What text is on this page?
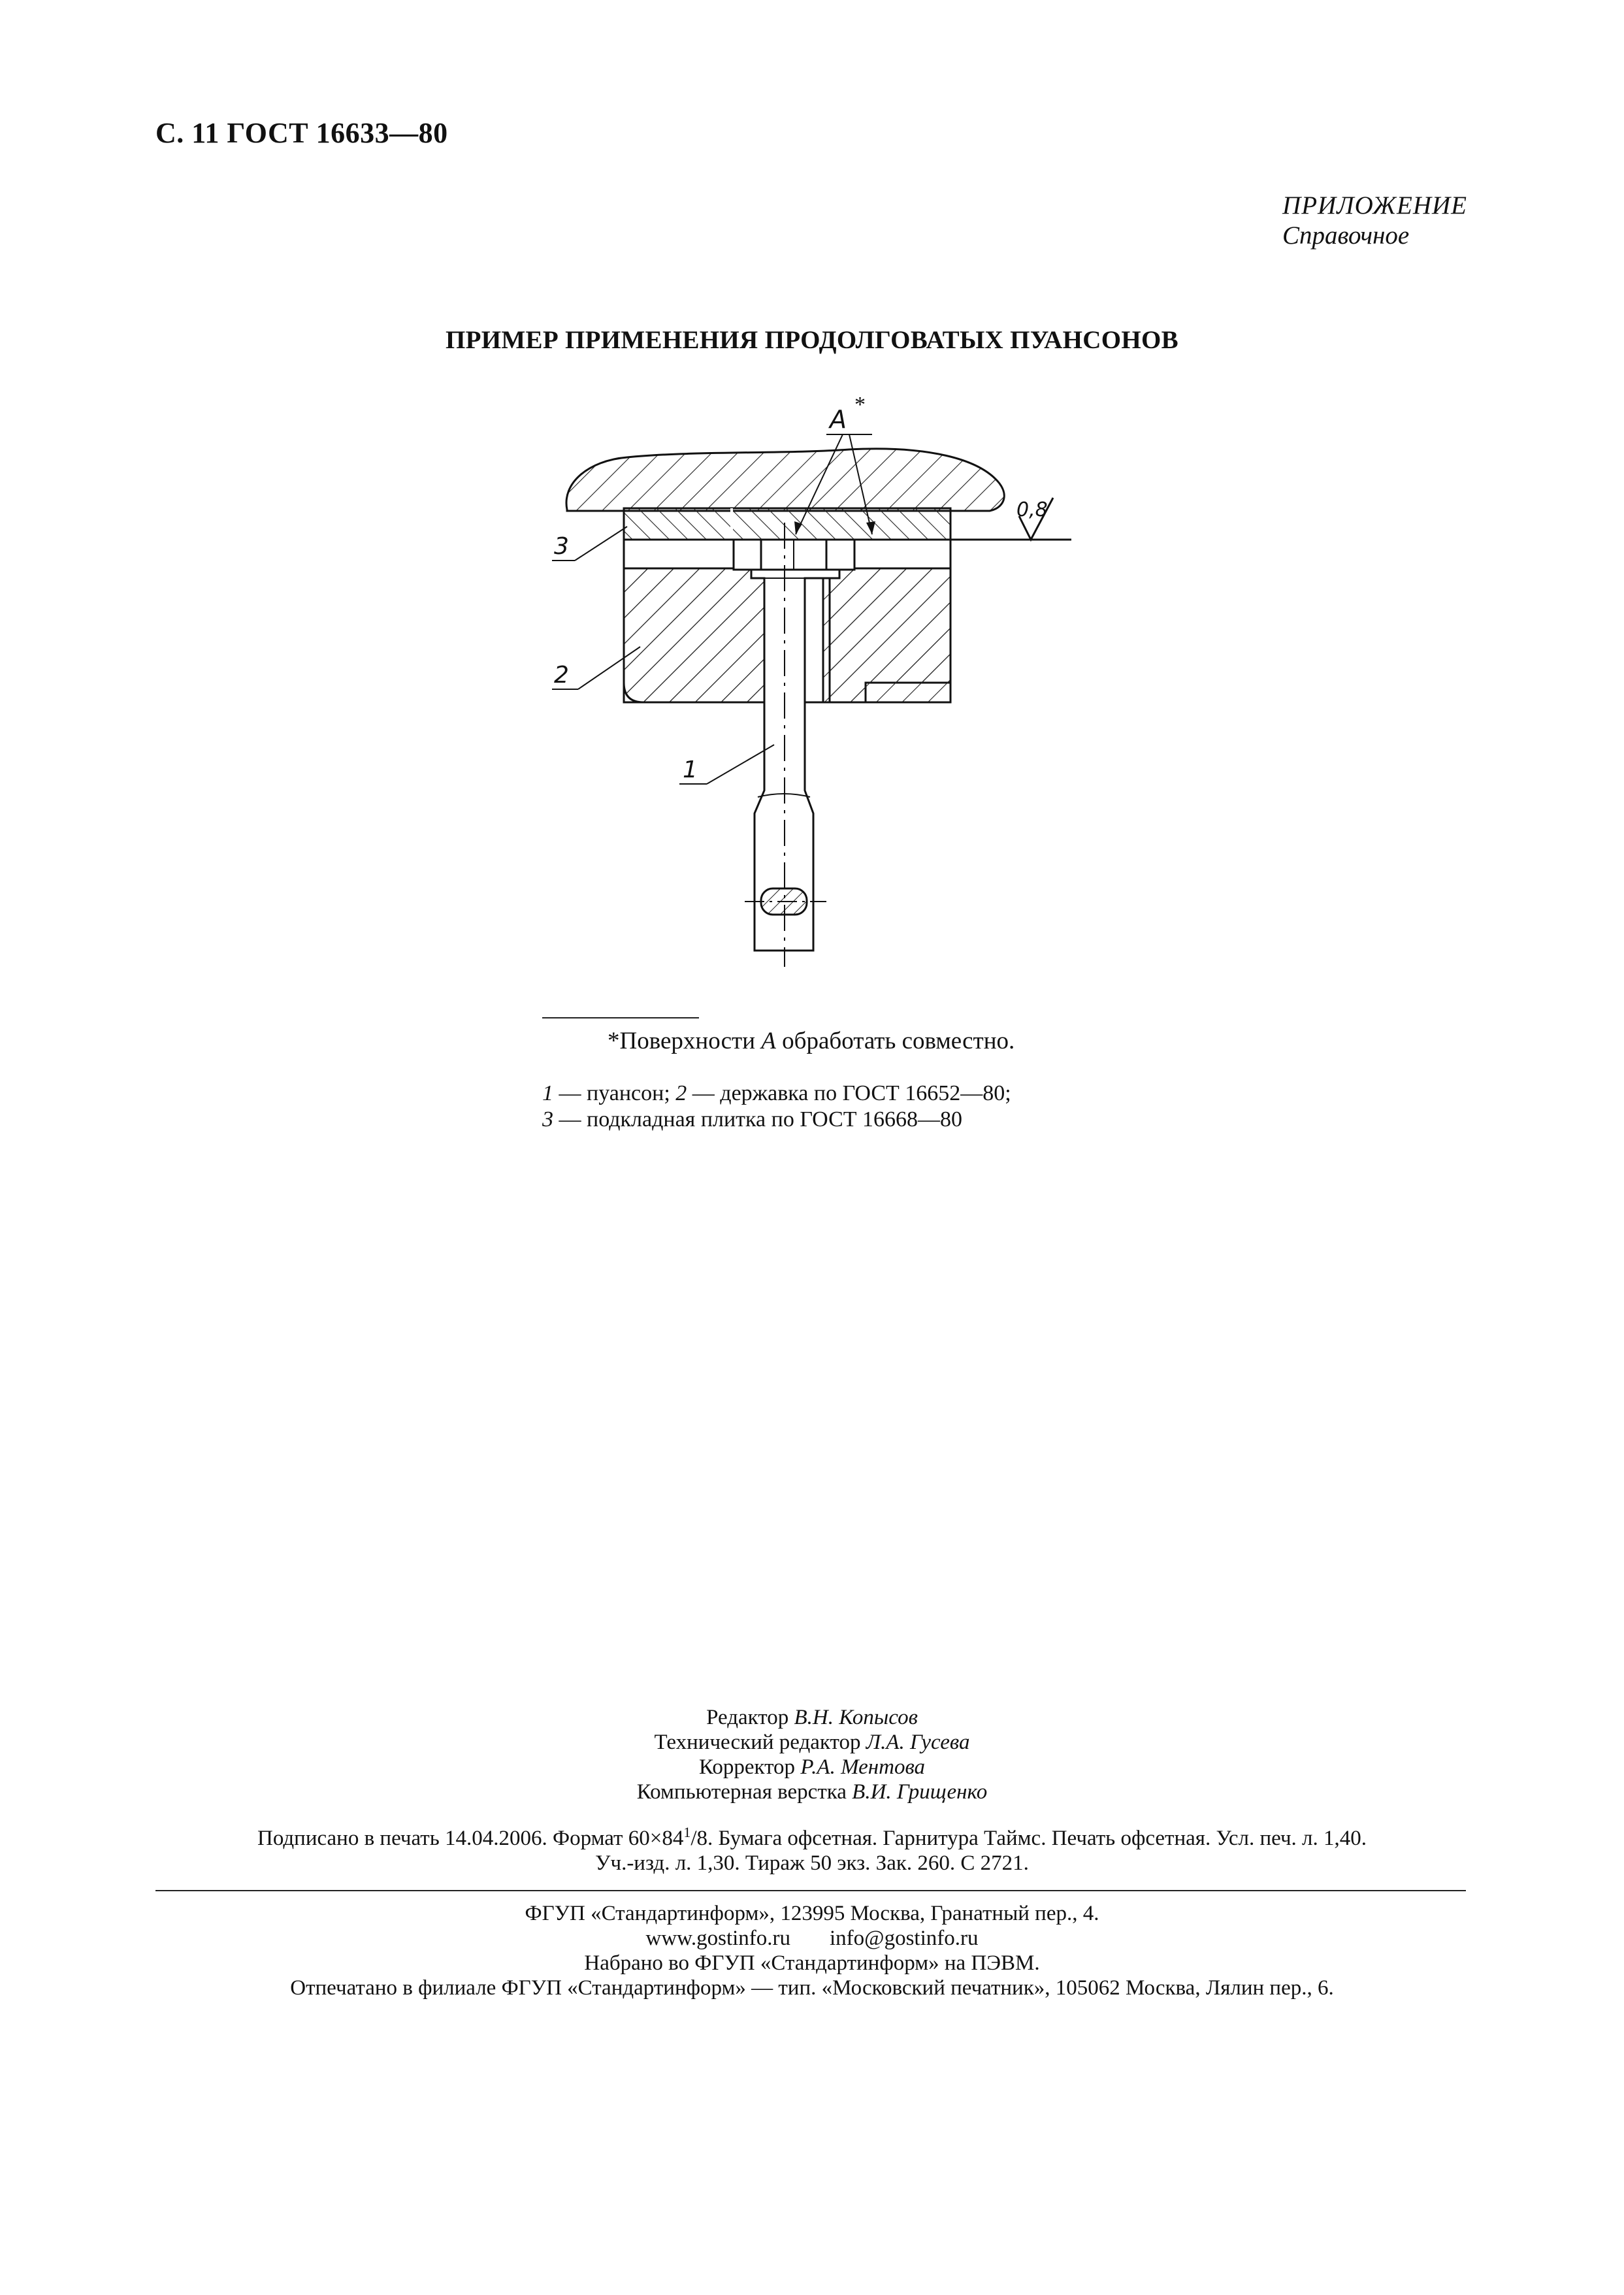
С. 11 ГОСТ 16633—80
ПРИЛОЖЕНИЕ
Справочное
ПРИМЕР ПРИМЕНЕНИЯ ПРОДОЛГОВАТЫХ ПУАНСОНОВ
0,8
А
*
3
2
1
*Поверхности А обработать совместно.
1 — пуансон; 2 — державка по ГОСТ 16652—80;
3 — подкладная плитка по ГОСТ 16668—80
Редактор В.Н. Копысов
Технический редактор Л.А. Гусева
Корректор Р.А. Ментова
Компьютерная верстка В.И. Грищенко
Подписано в печать 14.04.2006. Формат $60\times 84^1/8$. Бумага офсетная. Гарнитура Таймс. Печать офсетная. Усл. печ. л. 1,40.
Уч.-изд. л. 1,30. Тираж 50 экз. Зак. 260. С 2721.
ФГУП «Стандартинформ», 123995 Москва, Гранатный пер., 4.
www.gostinfo.ru info@gostinfo.ru
Набрано во ФГУП «Стандартинформ» на ПЭВМ.
Отпечатано в филиале ФГУП «Стандартинформ» — тип. «Московский печатник», 105062 Москва, Лялин пер., 6.
